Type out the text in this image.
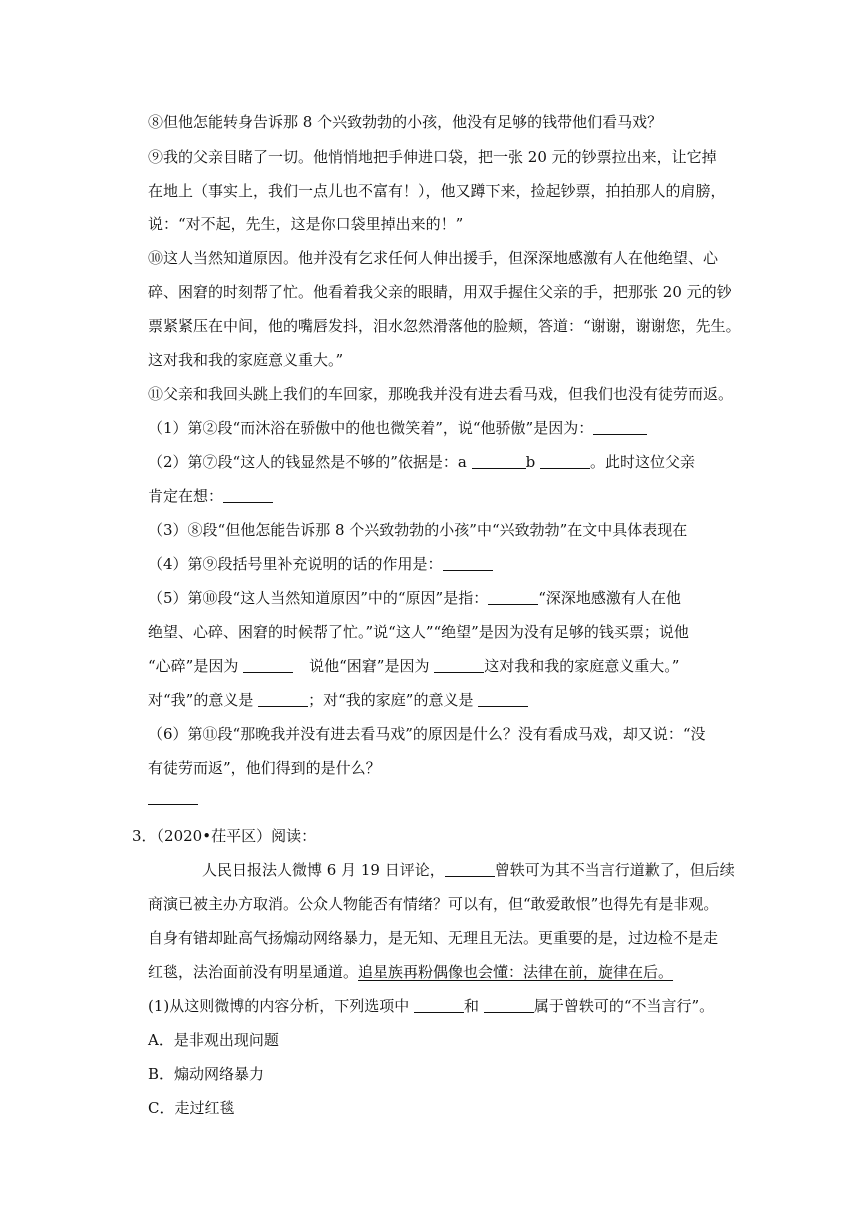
⑧但他怎能转身告诉那 8 个兴致勃勃的小孩，他没有足够的钱带他们看马戏？
⑨我的父亲目睹了一切。他悄悄地把手伸进口袋，把一张 20 元的钞票拉出来，让它掉
在地上（事实上，我们一点儿也不富有！），他又蹲下来，捡起钞票，拍拍那人的肩膀，
说：“对不起，先生，这是你口袋里掉出来的！”
⑩这人当然知道原因。他并没有乞求任何人伸出援手，但深深地感激有人在他绝望、心
碎、困窘的时刻帮了忙。他看着我父亲的眼睛，用双手握住父亲的手，把那张 20 元的钞
票紧紧压在中间，他的嘴唇发抖，泪水忽然滑落他的脸颊，答道：“谢谢，谢谢您，先生。
这对我和我的家庭意义重大。”
⑪父亲和我回头跳上我们的车回家，那晚我并没有进去看马戏，但我们也没有徒劳而返。
（1）第②段“而沐浴在骄傲中的他也微笑着”，说“他骄傲”是因为：
（2）第⑦段“这人的钱显然是不够的”依据是：a	b	。此时这位父亲
肯定在想：
（3）⑧段“但他怎能告诉那 8 个兴致勃勃的小孩”中“兴致勃勃”在文中具体表现在
（4）第⑨段括号里补充说明的话的作用是：
（5）第⑩段“这人当然知道原因”中的“原因”是指：	“深深地感激有人在他
绝望、心碎、困窘的时候帮了忙。”说“这人”“绝望”是因为没有足够的钱买票；说他
“心碎”是因为	说他“困窘”是因为	这对我和我的家庭意义重大。”
对“我”的意义是	；对“我的家庭”的意义是
（6）第⑪段“那晚我并没有进去看马戏”的原因是什么？没有看成马戏，却又说：“没
有徒劳而返”，他们得到的是什么？
3．（2020•茌平区）阅读：
人民日报法人微博 6 月 19 日评论，	曾轶可为其不当言行道歉了，但后续
商演已被主办方取消。公众人物能否有情绪？可以有，但“敢爱敢恨”也得先有是非观。
自身有错却趾高气扬煽动网络暴力，是无知、无理且无法。更重要的是，过边检不是走
红毯，法治面前没有明星通道。追星族再粉偶像也会懂：法律在前，旋律在后。
(1)从这则微博的内容分析，下列选项中	和	属于曾轶可的“不当言行”。
A．是非观出现问题
B．煽动网络暴力
C．走过红毯
